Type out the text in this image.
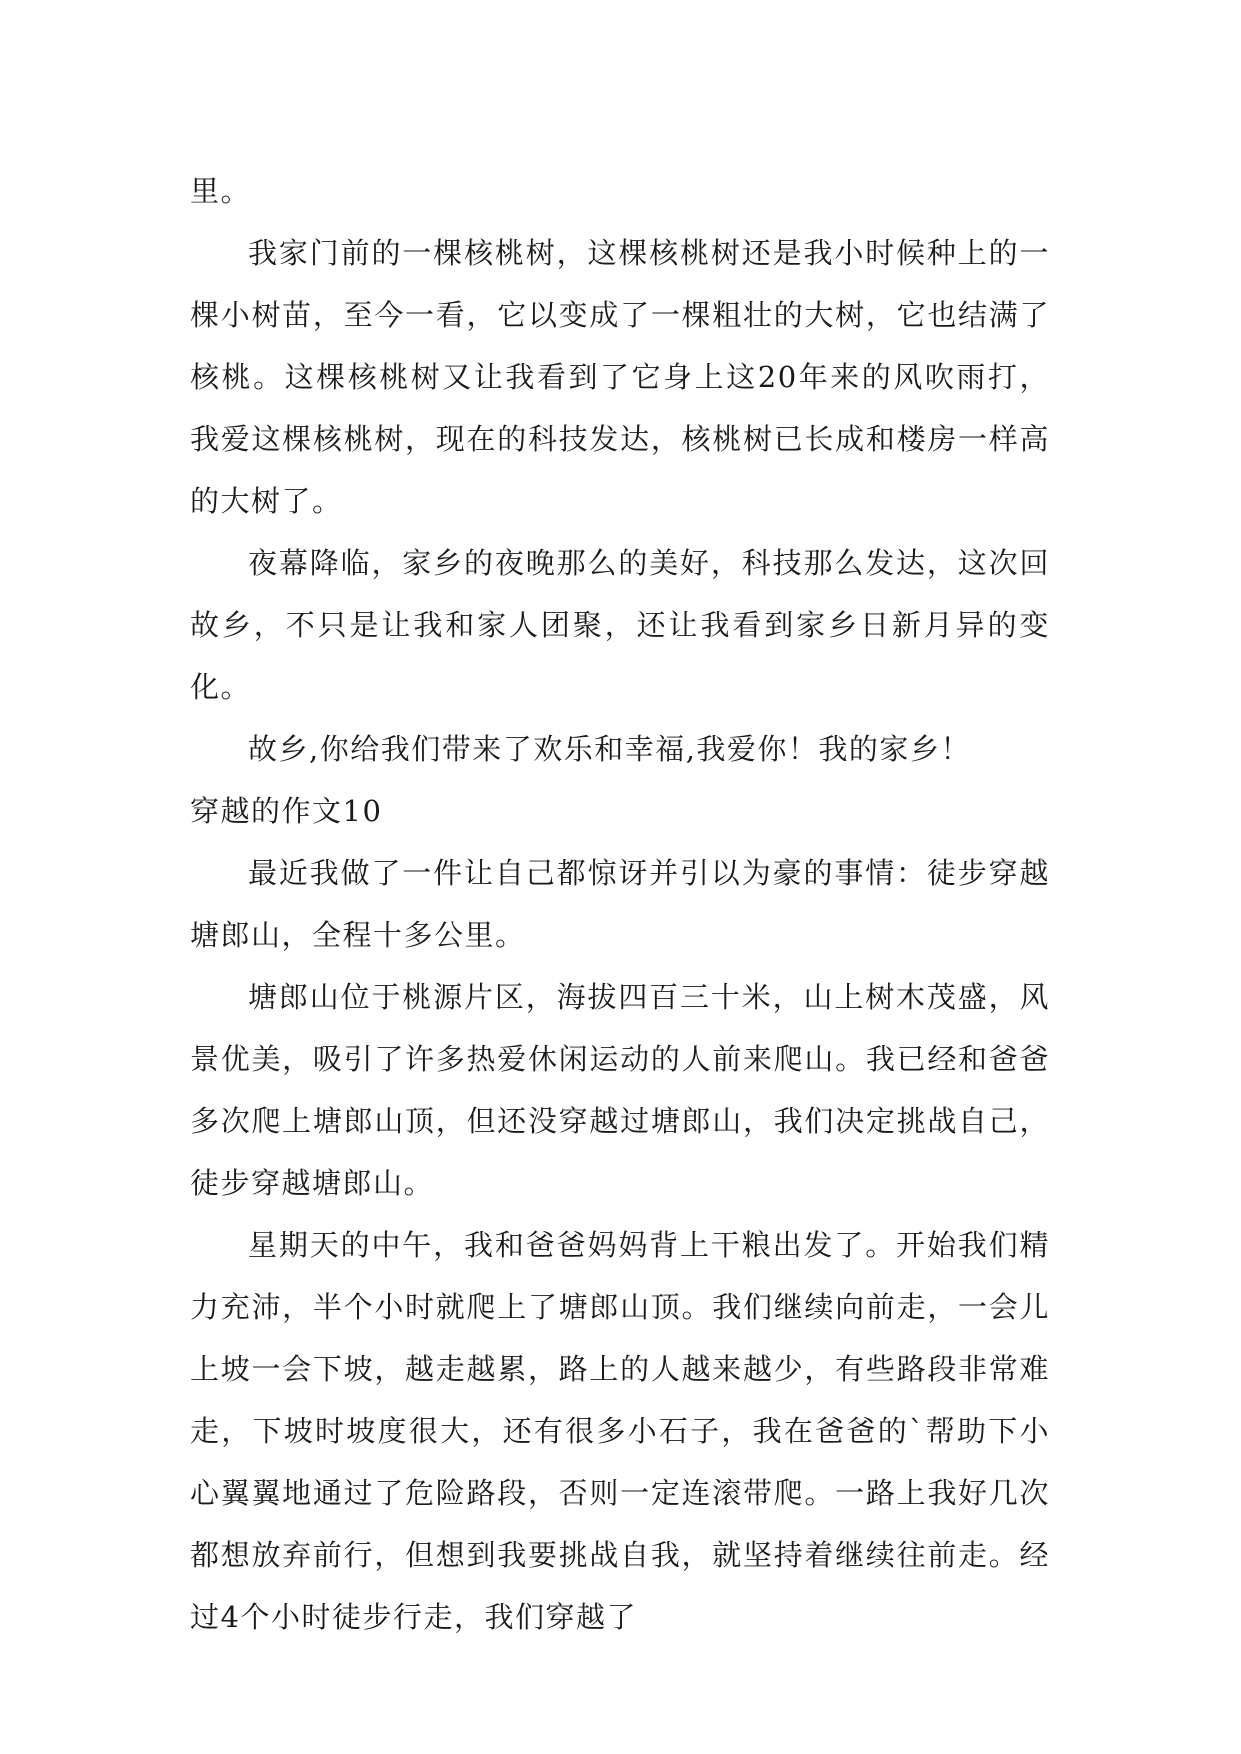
里。

我家门前的一棵核桃树，这棵核桃树还是我小时候种上的一棵小树苗，至今一看，它以变成了一棵粗壮的大树，它也结满了核桃。这棵核桃树又让我看到了它身上这20年来的风吹雨打，我爱这棵核桃树，现在的科技发达，核桃树已长成和楼房一样高的大树了。

夜幕降临，家乡的夜晚那么的美好，科技那么发达，这次回故乡，不只是让我和家人团聚，还让我看到家乡日新月异的变化。

故乡,你给我们带来了欢乐和幸福,我爱你！我的家乡！

穿越的作文10

最近我做了一件让自己都惊讶并引以为豪的事情：徒步穿越塘郎山，全程十多公里。

塘郎山位于桃源片区，海拔四百三十米，山上树木茂盛，风景优美，吸引了许多热爱休闲运动的人前来爬山。我已经和爸爸多次爬上塘郎山顶，但还没穿越过塘郎山，我们决定挑战自己，徒步穿越塘郎山。

星期天的中午，我和爸爸妈妈背上干粮出发了。开始我们精力充沛，半个小时就爬上了塘郎山顶。我们继续向前走，一会儿上坡一会下坡，越走越累，路上的人越来越少，有些路段非常难走，下坡时坡度很大，还有很多小石子，我在爸爸的`帮助下小心翼翼地通过了危险路段，否则一定连滚带爬。一路上我好几次都想放弃前行，但想到我要挑战自我，就坚持着继续往前走。经过4个小时徒步行走，我们穿越了
